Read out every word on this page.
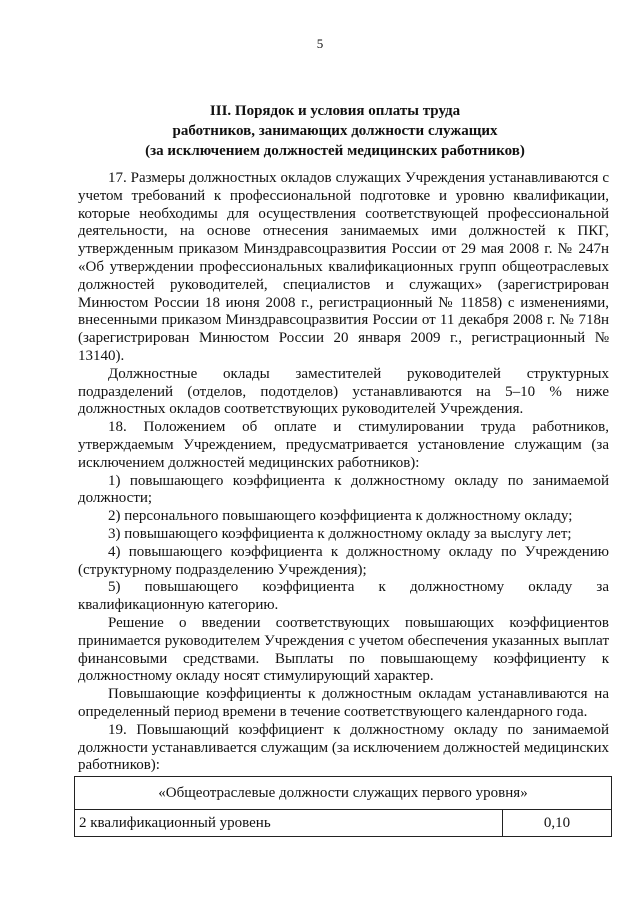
5
III. Порядок и условия оплаты труда
работников, занимающих должности служащих
(за исключением должностей медицинских работников)

17. Размеры должностных окладов служащих Учреждения устанавливаются с учетом требований к профессиональной подготовке и уровню квалификации, которые необходимы для осуществления соответствующей профессиональной деятельности, на основе отнесения занимаемых ими должностей к ПКГ, утвержденным приказом Минздравсоцразвития России от 29 мая 2008 г. № 247н «Об утверждении профессиональных квалификационных групп общеотраслевых должностей руководителей, специалистов и служащих» (зарегистрирован Минюстом России 18 июня 2008 г., регистрационный № 11858) с изменениями, внесенными приказом Минздравсоцразвития России от 11 декабря 2008 г. № 718н (зарегистрирован Минюстом России 20 января 2009 г., регистрационный № 13140).

Должностные оклады заместителей руководителей структурных подразделений (отделов, подотделов) устанавливаются на 5–10 % ниже должностных окладов соответствующих руководителей Учреждения.

18. Положением об оплате и стимулировании труда работников, утверждаемым Учреждением, предусматривается установление служащим (за исключением должностей медицинских работников):

1) повышающего коэффициента к должностному окладу по занимаемой должности;

2) персонального повышающего коэффициента к должностному окладу;

3) повышающего коэффициента к должностному окладу за выслугу лет;

4) повышающего коэффициента к должностному окладу по Учреждению (структурному подразделению Учреждения);

5) повышающего коэффициента к должностному окладу за квалификационную категорию.

Решение о введении соответствующих повышающих коэффициентов принимается руководителем Учреждения с учетом обеспечения указанных выплат финансовыми средствами. Выплаты по повышающему коэффициенту к должностному окладу носят стимулирующий характер.

Повышающие коэффициенты к должностным окладам устанавливаются на определенный период времени в течение соответствующего календарного года.

19. Повышающий коэффициент к должностному окладу по занимаемой должности устанавливается служащим (за исключением должностей медицинских работников):

«Общеотраслевые должности служащих первого уровня»
2 квалификационный уровень	0,10
